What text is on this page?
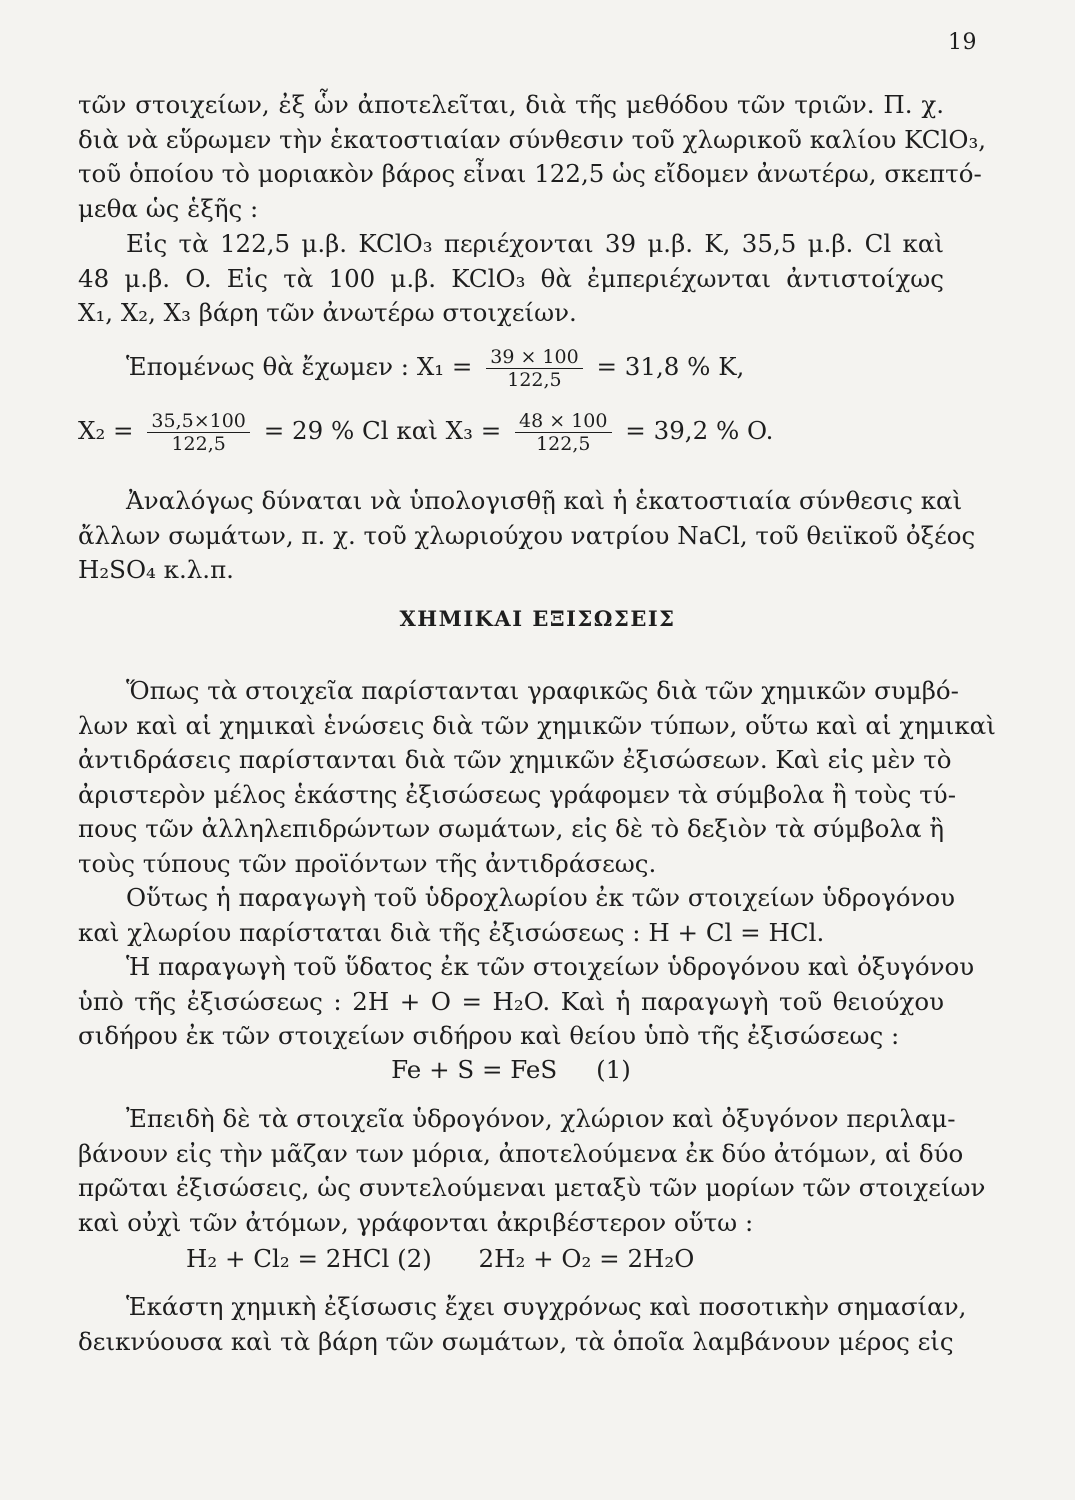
19
τῶν στοιχείων, ἐξ ὧν ἀποτελεῖται, διὰ τῆς μεθόδου τῶν τριῶν. Π. χ.
διὰ νὰ εὕρωμεν τὴν ἑκατοστιαίαν σύνθεσιν τοῦ χλωρικοῦ καλίου KClO₃,
τοῦ ὁποίου τὸ μοριακὸν βάρος εἶναι 122,5 ὡς εἴδομεν ἀνωτέρω, σκεπτό-
μεθα ὡς ἑξῆς :
Εἰς τὰ 122,5 μ.β. KClO₃ περιέχονται 39 μ.β. K, 35,5 μ.β. Cl καὶ
48 μ.β. O. Εἰς τὰ 100 μ.β. KClO₃ θὰ ἐμπεριέχωνται ἀντιστοίχως
X₁, X₂, X₃ βάρη τῶν ἀνωτέρω στοιχείων.
Ἑπομένως θὰ ἔχωμεν : $X_1 = \frac{39 \times 100}{122,5} = 31,8$ % K,
$X_2 = \frac{35,5\times 100}{122,5} = 29$ % Cl καὶ $X_3 = \frac{48 \times 100}{122,5} = 39,2$ % O.
Ἀναλόγως δύναται νὰ ὑπολογισθῇ καὶ ἡ ἑκατοστιαία σύνθεσις καὶ
ἄλλων σωμάτων, π. χ. τοῦ χλωριούχου νατρίου NaCl, τοῦ θειϊκοῦ ὀξέος
H₂SO₄ κ.λ.π.
ΧΗΜΙΚΑΙ ΕΞΙΣΩΣΕΙΣ
Ὅπως τὰ στοιχεῖα παρίστανται γραφικῶς διὰ τῶν χημικῶν συμβό-
λων καὶ αἱ χημικαὶ ἑνώσεις διὰ τῶν χημικῶν τύπων, οὕτω καὶ αἱ χημικαὶ
ἀντιδράσεις παρίστανται διὰ τῶν χημικῶν ἐξισώσεων. Καὶ εἰς μὲν τὸ
ἀριστερὸν μέλος ἑκάστης ἐξισώσεως γράφομεν τὰ σύμβολα ἢ τοὺς τύ-
πους τῶν ἀλληλεπιδρώντων σωμάτων, εἰς δὲ τὸ δεξιὸν τὰ σύμβολα ἢ
τοὺς τύπους τῶν προϊόντων τῆς ἀντιδράσεως.
Οὕτως ἡ παραγωγὴ τοῦ ὑδροχλωρίου ἐκ τῶν στοιχείων ὑδρογόνου
καὶ χλωρίου παρίσταται διὰ τῆς ἐξισώσεως : H + Cl = HCl.
Ἡ παραγωγὴ τοῦ ὕδατος ἐκ τῶν στοιχείων ὑδρογόνου καὶ ὀξυγόνου
ὑπὸ τῆς ἐξισώσεως : 2H + O = H₂O. Καὶ ἡ παραγωγὴ τοῦ θειούχου
σιδήρου ἐκ τῶν στοιχείων σιδήρου καὶ θείου ὑπὸ τῆς ἐξισώσεως :
Fe + S = FeS     (1)
Ἐπειδὴ δὲ τὰ στοιχεῖα ὑδρογόνον, χλώριον καὶ ὀξυγόνον περιλαμ-
βάνουν εἰς τὴν μᾶζαν των μόρια, ἀποτελούμενα ἐκ δύο ἀτόμων, αἱ δύο
πρῶται ἐξισώσεις, ὡς συντελούμεναι μεταξὺ τῶν μορίων τῶν στοιχείων
καὶ οὐχὶ τῶν ἀτόμων, γράφονται ἀκριβέστερον οὕτω :
H₂ + Cl₂ = 2HCl (2)      2H₂ + O₂ = 2H₂O
Ἑκάστη χημικὴ ἐξίσωσις ἔχει συγχρόνως καὶ ποσοτικὴν σημασίαν,
δεικνύουσα καὶ τὰ βάρη τῶν σωμάτων, τὰ ὁποῖα λαμβάνουν μέρος εἰς
